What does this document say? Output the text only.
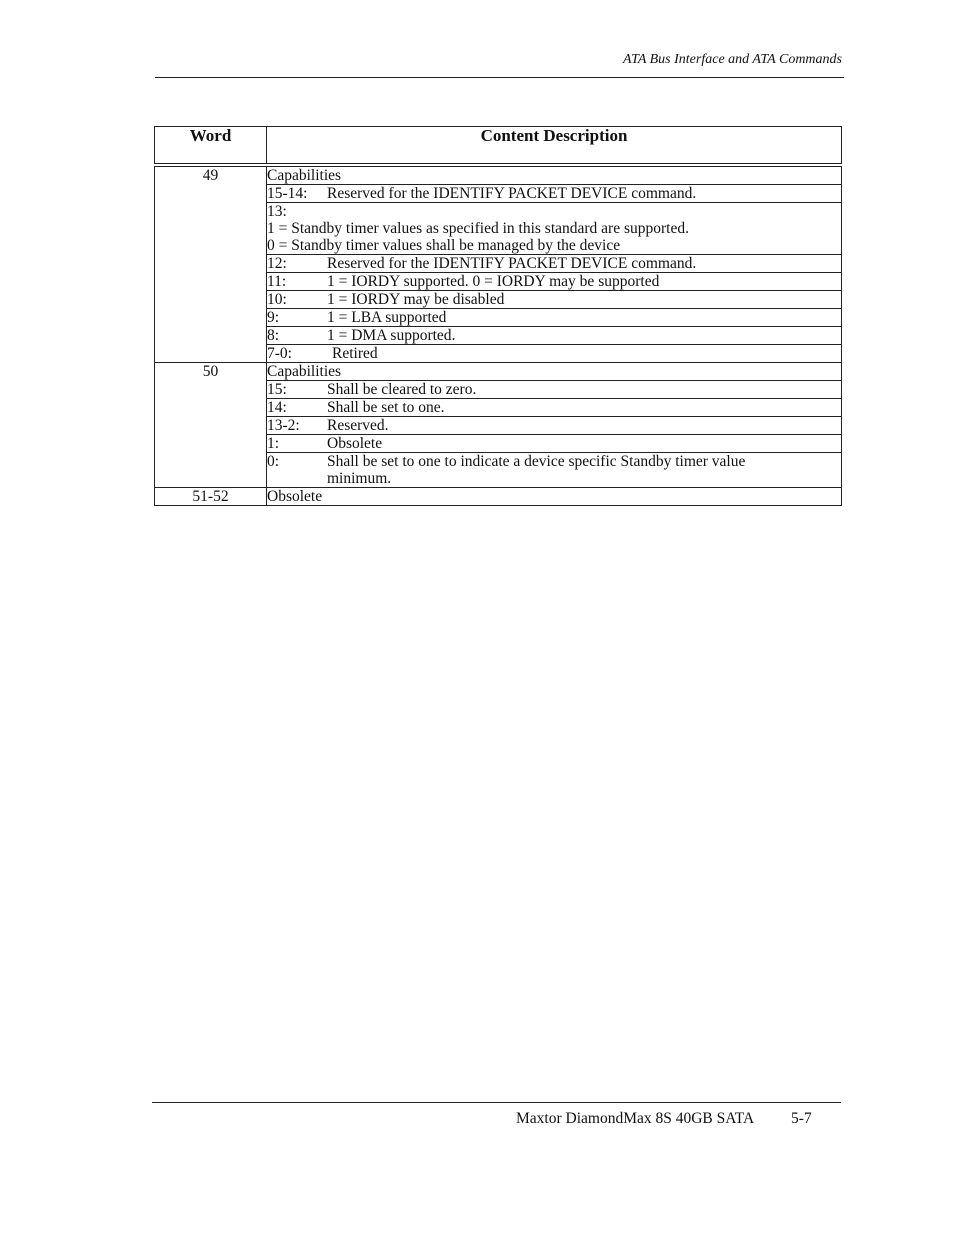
ATA Bus Interface and ATA Commands
Word	Content Description
49	Capabilities
	15-14: Reserved for the IDENTIFY PACKET DEVICE command.

	13:
1 = Standby timer values as specified in this standard are supported.
0 = Standby timer values shall be managed by the device

	12: Reserved for the IDENTIFY PACKET DEVICE command.
	11: 1 = IORDY supported. 0 = IORDY may be supported
	10: 1 = IORDY may be disabled
	9: 1 = LBA supported
	8: 1 = DMA supported.
	7-0: Retired
50	Capabilities
	15: Shall be cleared to zero.
	14: Shall be set to one.
	13-2: Reserved.
	1: Obsolete

	0: Shall be set to one to indicate a device specific Standby timer value
minimum.

51-52	Obsolete
Maxtor DiamondMax 8S 40GB SATA 5-7
